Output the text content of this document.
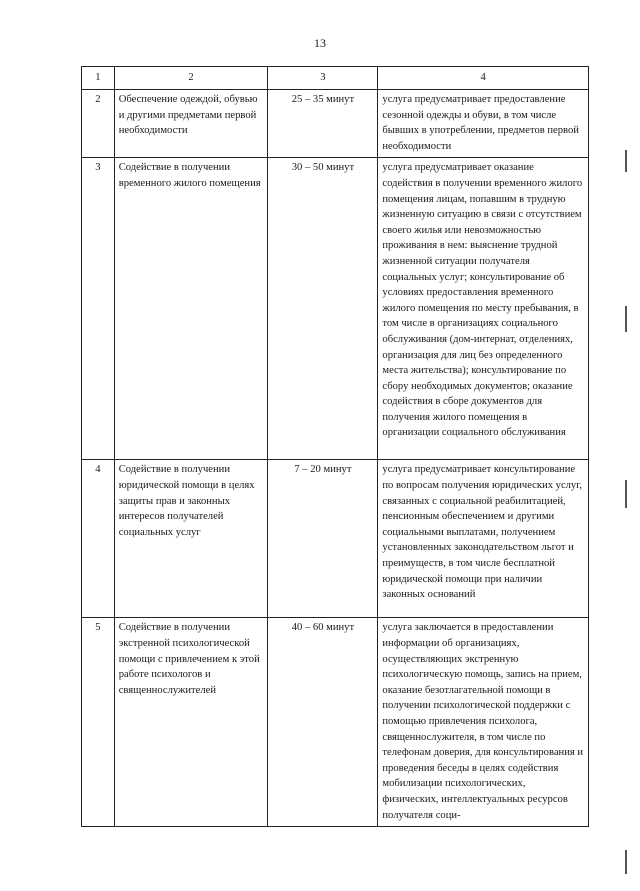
13
1	2	3	4
2	Обеспечение одеждой, обувью и другими предметами первой необходимости	25 – 35 минут	услуга предусматривает предоставление сезонной одежды и обуви, в том числе бывших в употреблении, предметов первой необходимости
3	Содействие в получении временного жилого помещения	30 – 50 минут	услуга предусматривает оказание содействия в получении временного жилого помещения лицам, попавшим в трудную жизненную ситуацию в связи с отсутствием своего жилья или невозможностью проживания в нем: выяснение трудной жизненной ситуации получателя социальных услуг; консультирование об условиях предоставления временного жилого помещения по месту пребывания, в том числе в организациях социального обслуживания (дом-интернат, отделениях, организация для лиц без определенного места жительства); консультирование по сбору необходимых документов; оказание содействия в сборе документов для получения жилого помещения в организации социального обслуживания
4	Содействие в получении юридической помощи в целях защиты прав и законных интересов получателей социальных услуг	7 – 20 минут	услуга предусматривает консультирование по вопросам получения юридических услуг, связанных с социальной реабилитацией, пенсионным обеспечением и другими социальными выплатами, получением установленных законодательством льгот и преимуществ, в том числе бесплатной юридической помощи при наличии законных оснований
5	Содействие в получении экстренной психологической помощи с привлечением к этой работе психологов и священнослужителей	40 – 60 минут	услуга заключается в предоставлении информации об организациях, осуществляющих экстренную психологическую помощь, запись на прием, оказание безотлагательной помощи в получении психологической поддержки с помощью привлечения психолога, священнослужителя, в том числе по телефонам доверия, для консультирования и проведения беседы в целях содействия мобилизации психологических, физических, интеллектуальных ресурсов получателя соци-
